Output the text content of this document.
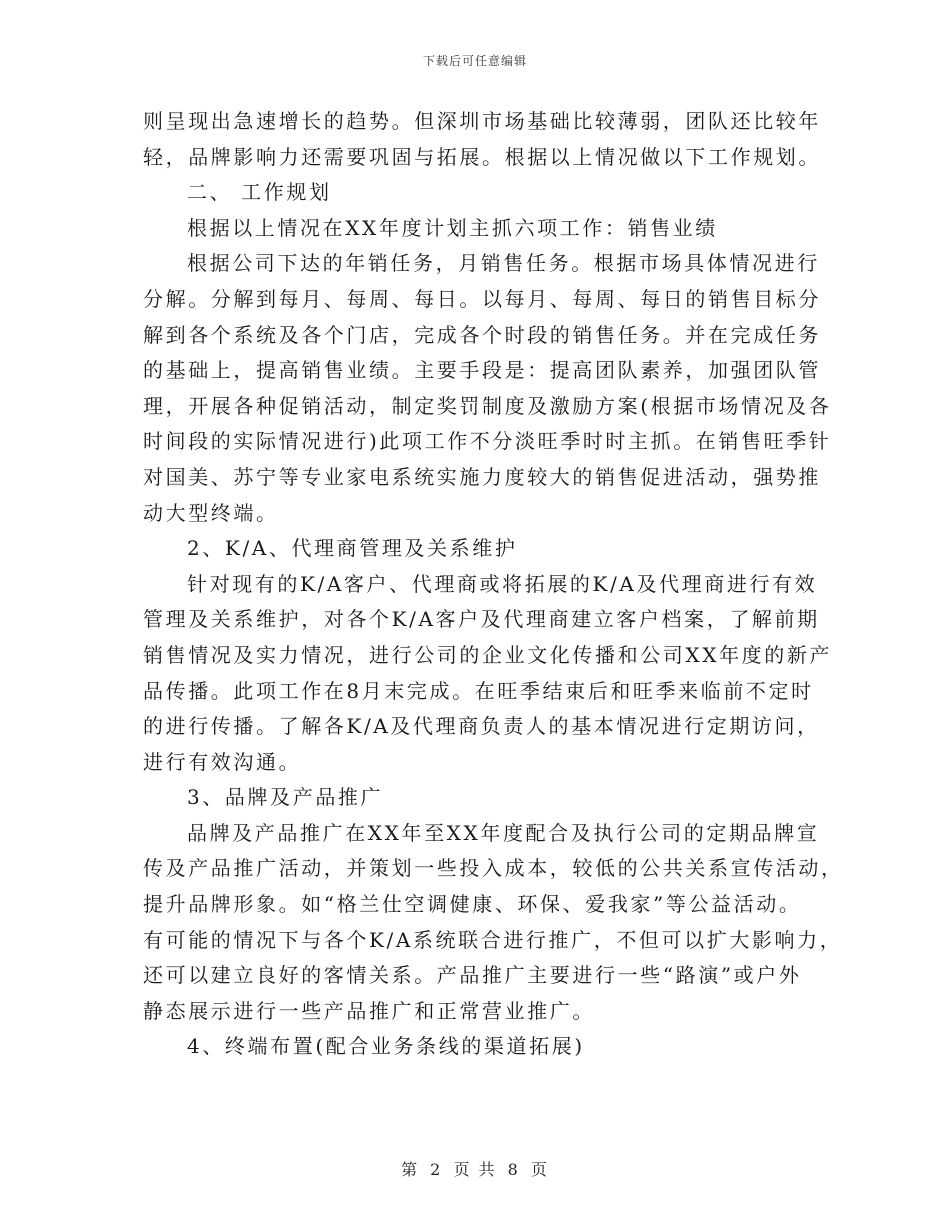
下载后可任意编辑
则呈现出急速增长的趋势。但深圳市场基础比较薄弱，团队还比较年
轻，品牌影响力还需要巩固与拓展。根据以上情况做以下工作规划。
二、 工作规划
根据以上情况在XX年度计划主抓六项工作：销售业绩
根据公司下达的年销任务，月销售任务。根据市场具体情况进行
分解。分解到每月、每周、每日。以每月、每周、每日的销售目标分
解到各个系统及各个门店，完成各个时段的销售任务。并在完成任务
的基础上，提高销售业绩。主要手段是：提高团队素养，加强团队管
理，开展各种促销活动，制定奖罚制度及激励方案(根据市场情况及各
时间段的实际情况进行)此项工作不分淡旺季时时主抓。在销售旺季针
对国美、苏宁等专业家电系统实施力度较大的销售促进活动，强势推
动大型终端。
2、K/A、代理商管理及关系维护
针对现有的K/A客户、代理商或将拓展的K/A及代理商进行有效
管理及关系维护，对各个K/A客户及代理商建立客户档案，了解前期
销售情况及实力情况，进行公司的企业文化传播和公司XX年度的新产
品传播。此项工作在8月末完成。在旺季结束后和旺季来临前不定时
的进行传播。了解各K/A及代理商负责人的基本情况进行定期访问，
进行有效沟通。
3、品牌及产品推广
品牌及产品推广在XX年至XX年度配合及执行公司的定期品牌宣
传及产品推广活动，并策划一些投入成本，较低的公共关系宣传活动，
提升品牌形象。如“格兰仕空调健康、环保、爱我家”等公益活动。
有可能的情况下与各个K/A系统联合进行推广，不但可以扩大影响力，
还可以建立良好的客情关系。产品推广主要进行一些“路演”或户外
静态展示进行一些产品推广和正常营业推广。
4、终端布置(配合业务条线的渠道拓展)
第 2 页 共 8 页
